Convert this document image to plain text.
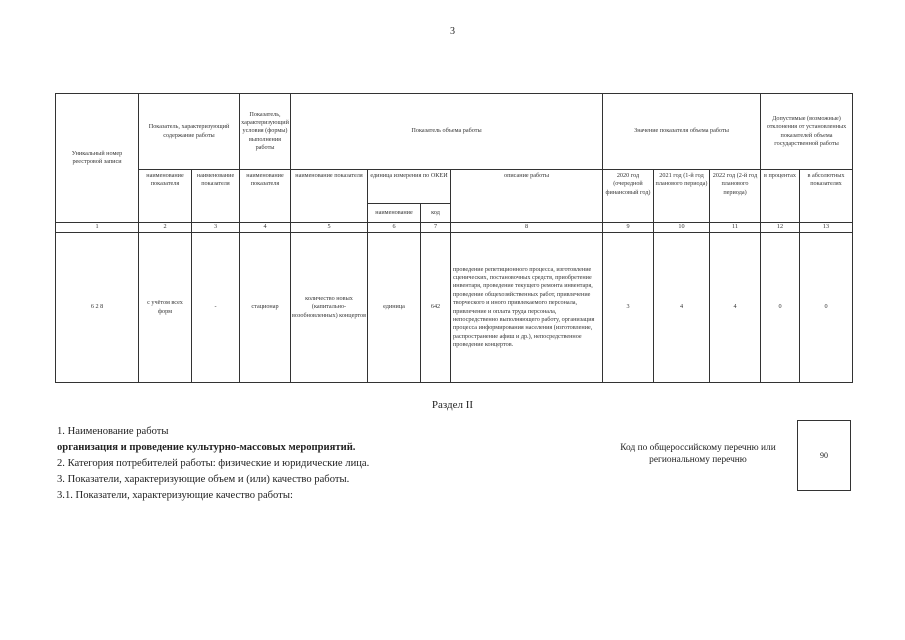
3
Уникальный номер реестровой записи	Показатель, характеризующий содержание работы		Показатель, характеризующий условия (формы) выполнения работы	Показатель объема работы				Значение показателя объема работы			Допустимые (возможные) отклонения от установленных показателей объема государственной работы	
	наименование показателя	наименование показателя	наименование показателя	наименование показателя	единица измерения по ОКЕИ		описание работы	2020 год (очередной финансовый год)	2021 год (1-й год планового периода)	2022 год (2-й год планового периода)	в процентах	в абсолютных показателях
					наименование	код						
1	2	3	4	5	6	7	8	9	10	11	12	13
6 2 8	с учётом всех форм	-	стационар	количество новых (капитально-возобновленных) концертов	единица	642	проведение репетиционного процесса, изготовление сценических, постановочных средств, приобретение инвентаря, проведение текущего ремонта инвентаря, проведение общехозяйственных работ, привлечение творческого и иного привлекаемого персонала, привлечение и оплата труда персонала, непосредственно выполняющего работу, организация процесса информирования населения (изготовление, распространение афиш и др.), непосредственное проведение концертов.	3	4	4	0	0
Раздел II
1. Наименование работы
организация и проведение культурно-массовых мероприятий.
2. Категория потребителей работы: физические и юридические лица.
3. Показатели, характеризующие объем и (или) качество работы.
3.1. Показатели, характеризующие качество работы:
Код по общероссийскому перечню или региональному перечню	90
